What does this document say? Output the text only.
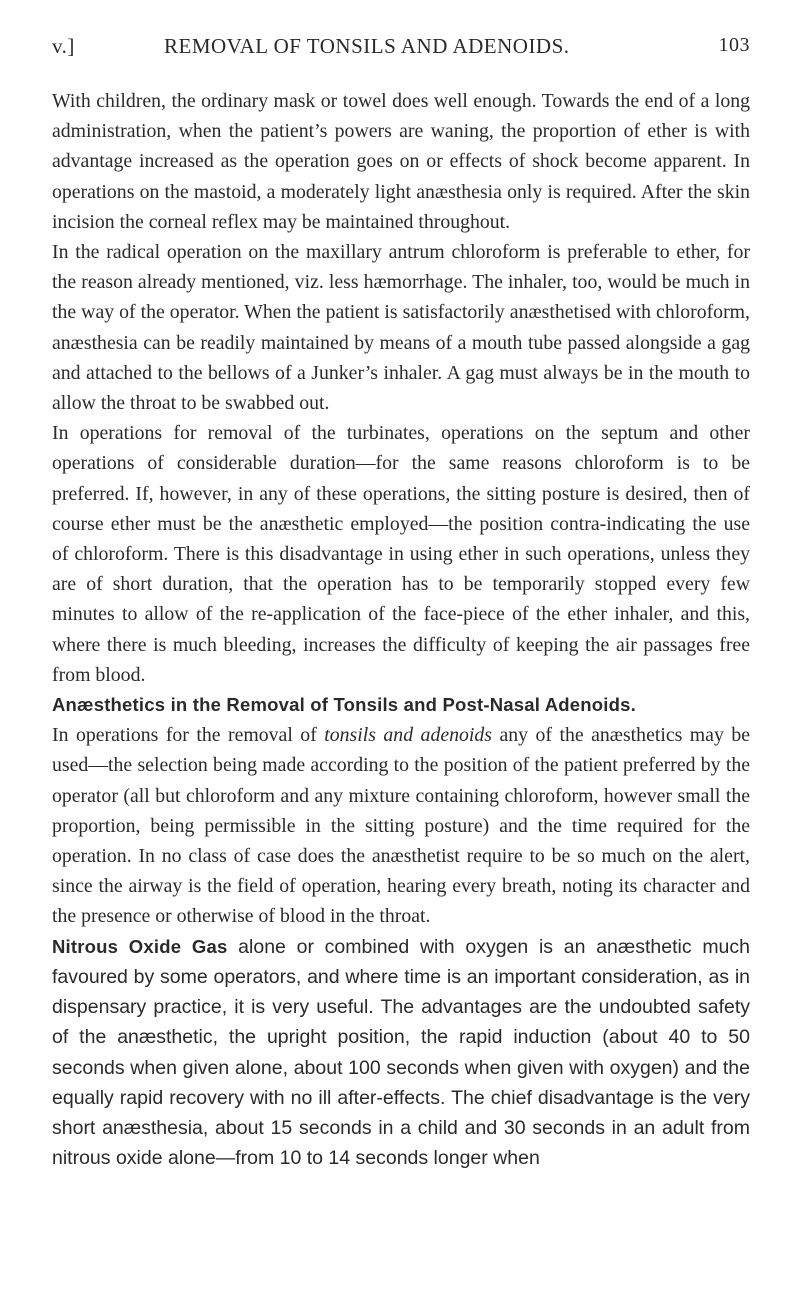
v.]	REMOVAL OF TONSILS AND ADENOIDS.	103

With children, the ordinary mask or towel does well enough. Towards the end of a long administration, when the patient’s powers are waning, the proportion of ether is with advantage increased as the operation goes on or effects of shock become apparent. In operations on the mastoid, a moderately light anæsthesia only is required. After the skin incision the corneal reflex may be maintained throughout.

In the radical operation on the maxillary antrum chloroform is preferable to ether, for the reason already mentioned, viz. less hæmorrhage. The inhaler, too, would be much in the way of the operator. When the patient is satisfactorily anæsthetised with chloroform, anæsthesia can be readily maintained by means of a mouth tube passed alongside a gag and attached to the bellows of a Junker’s inhaler. A gag must always be in the mouth to allow the throat to be swabbed out.

In operations for removal of the turbinates, operations on the septum and other operations of considerable duration—for the same reasons chloroform is to be preferred. If, however, in any of these operations, the sitting posture is desired, then of course ether must be the anæsthetic employed—the position contra-indicating the use of chloroform. There is this disadvantage in using ether in such operations, unless they are of short duration, that the operation has to be temporarily stopped every few minutes to allow of the re-application of the face-piece of the ether inhaler, and this, where there is much bleeding, increases the difficulty of keeping the air passages free from blood.

Anæsthetics in the Removal of Tonsils and Post-Nasal Adenoids.
In operations for the removal of tonsils and adenoids any of the anæsthetics may be used—the selection being made according to the position of the patient preferred by the operator (all but chloroform and any mixture containing chloroform, however small the proportion, being permissible in the sitting posture) and the time required for the operation. In no class of case does the anæsthetist require to be so much on the alert, since the airway is the field of operation, hearing every breath, noting its character and the presence or otherwise of blood in the throat.

Nitrous Oxide Gas alone or combined with oxygen is an anæsthetic much favoured by some operators, and where time is an important consideration, as in dispensary practice, it is very useful. The advantages are the undoubted safety of the anæsthetic, the upright position, the rapid induction (about 40 to 50 seconds when given alone, about 100 seconds when given with oxygen) and the equally rapid recovery with no ill after-effects. The chief disadvantage is the very short anæsthesia, about 15 seconds in a child and 30 seconds in an adult from nitrous oxide alone—from 10 to 14 seconds longer when
